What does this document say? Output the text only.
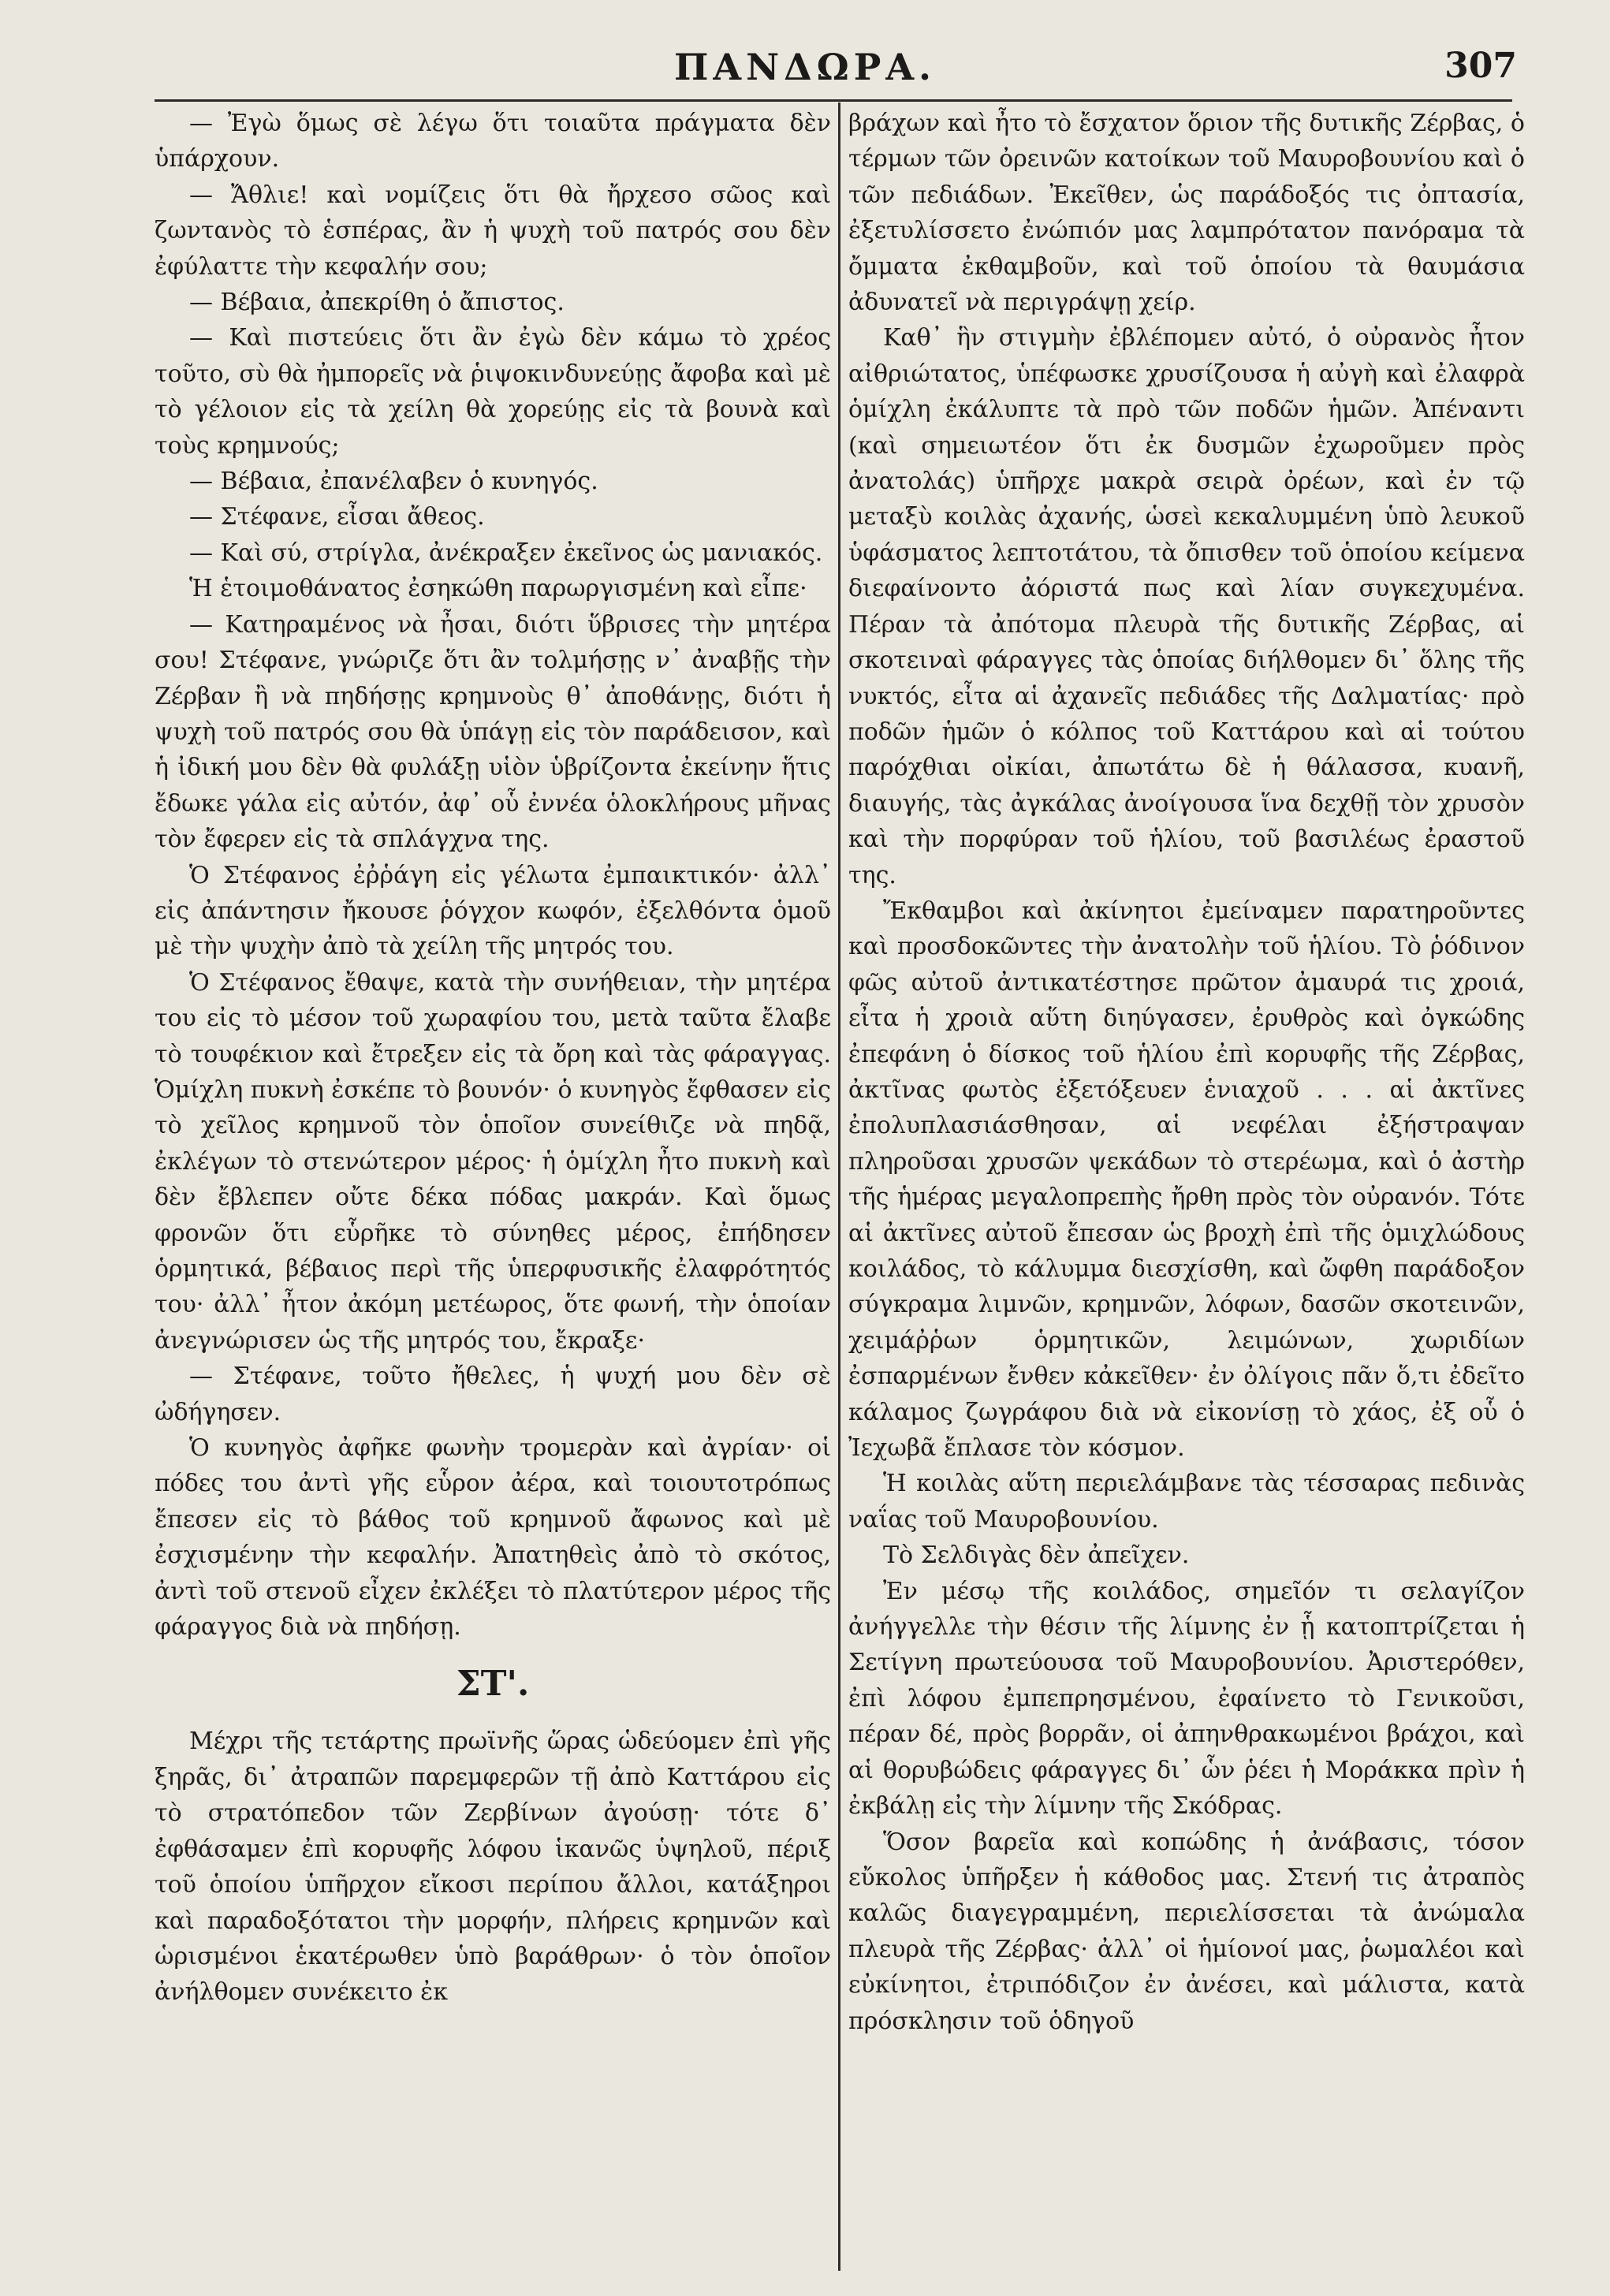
ΠΑΝΔΩΡΑ.	307

— Ἐγὼ ὅμως σὲ λέγω ὅτι τοιαῦτα πράγματα δὲν ὑπάρχουν.

— Ἄθλιε! καὶ νομίζεις ὅτι θὰ ἤρχεσο σῶος καὶ ζωντανὸς τὸ ἑσπέρας, ἂν ἡ ψυχὴ τοῦ πατρός σου δὲν ἐφύλαττε τὴν κεφαλήν σου;

— Βέβαια, ἀπεκρίθη ὁ ἄπιστος.

— Καὶ πιστεύεις ὅτι ἂν ἐγὼ δὲν κάμω τὸ χρέος τοῦτο, σὺ θὰ ἠμπορεῖς νὰ ῥιψοκινδυνεύῃς ἄφοβα καὶ μὲ τὸ γέλοιον εἰς τὰ χείλη θὰ χορεύῃς εἰς τὰ βουνὰ καὶ τοὺς κρημνούς;

— Βέβαια, ἐπανέλαβεν ὁ κυνηγός.

— Στέφανε, εἶσαι ἄθεος.

— Καὶ σύ, στρίγλα, ἀνέκραξεν ἐκεῖνος ὡς μανιακός.

Ἡ ἑτοιμοθάνατος ἐσηκώθη παρωργισμένη καὶ εἶπε·

— Κατηραμένος νὰ ἦσαι, διότι ὕβρισες τὴν μητέρα σου! Στέφανε, γνώριζε ὅτι ἂν τολμήσῃς ν᾽ ἀναβῇς τὴν Ζέρβαν ἢ νὰ πηδήσῃς κρημνοὺς θ᾽ ἀποθάνῃς, διότι ἡ ψυχὴ τοῦ πατρός σου θὰ ὑπάγῃ εἰς τὸν παράδεισον, καὶ ἡ ἰδική μου δὲν θὰ φυλάξῃ υἱὸν ὑβρίζοντα ἐκείνην ἥτις ἔδωκε γάλα εἰς αὐτόν, ἀφ᾽ οὗ ἐννέα ὁλοκλήρους μῆνας τὸν ἔφερεν εἰς τὰ σπλάγχνα της.

Ὁ Στέφανος ἐῤῥάγη εἰς γέλωτα ἐμπαικτικόν· ἀλλ᾽ εἰς ἀπάντησιν ἤκουσε ῥόγχον κωφόν, ἐξελθόντα ὁμοῦ μὲ τὴν ψυχὴν ἀπὸ τὰ χείλη τῆς μητρός του.

Ὁ Στέφανος ἔθαψε, κατὰ τὴν συνήθειαν, τὴν μητέρα του εἰς τὸ μέσον τοῦ χωραφίου του, μετὰ ταῦτα ἔλαβε τὸ τουφέκιον καὶ ἔτρεξεν εἰς τὰ ὄρη καὶ τὰς φάραγγας. Ὁμίχλη πυκνὴ ἐσκέπε τὸ βουνόν· ὁ κυνηγὸς ἔφθασεν εἰς τὸ χεῖλος κρημνοῦ τὸν ὁποῖον συνείθιζε νὰ πηδᾷ, ἐκλέγων τὸ στενώτερον μέρος· ἡ ὁμίχλη ἦτο πυκνὴ καὶ δὲν ἔβλεπεν οὔτε δέκα πόδας μακράν. Καὶ ὅμως φρονῶν ὅτι εὗρῆκε τὸ σύνηθες μέρος, ἐπήδησεν ὁρμητικά, βέβαιος περὶ τῆς ὑπερφυσικῆς ἐλαφρότητός του· ἀλλ᾽ ἦτον ἀκόμη μετέωρος, ὅτε φωνή, τὴν ὁποίαν ἀνεγνώρισεν ὡς τῆς μητρός του, ἔκραξε·

— Στέφανε, τοῦτο ἤθελες, ἡ ψυχή μου δὲν σὲ ὠδήγησεν.

Ὁ κυνηγὸς ἀφῆκε φωνὴν τρομερὰν καὶ ἀγρίαν· οἱ πόδες του ἀντὶ γῆς εὗρον ἀέρα, καὶ τοιουτοτρόπως ἔπεσεν εἰς τὸ βάθος τοῦ κρημνοῦ ἄφωνος καὶ μὲ ἐσχισμένην τὴν κεφαλήν. Ἀπατηθεὶς ἀπὸ τὸ σκότος, ἀντὶ τοῦ στενοῦ εἶχεν ἐκλέξει τὸ πλατύτερον μέρος τῆς φάραγγος διὰ νὰ πηδήσῃ.

ΣΤ'.

Μέχρι τῆς τετάρτης πρωϊνῆς ὥρας ὡδεύομεν ἐπὶ γῆς ξηρᾶς, δι᾽ ἀτραπῶν παρεμφερῶν τῇ ἀπὸ Καττάρου εἰς τὸ στρατόπεδον τῶν Ζερβίνων ἀγούσῃ· τότε δ᾽ ἐφθάσαμεν ἐπὶ κορυφῆς λόφου ἱκανῶς ὑψηλοῦ, πέριξ τοῦ ὁποίου ὑπῆρχον εἴκοσι περίπου ἄλλοι, κατάξηροι καὶ παραδοξότατοι τὴν μορφήν, πλήρεις κρημνῶν καὶ ὡρισμένοι ἑκατέρωθεν ὑπὸ βαράθρων· ὁ τὸν ὁποῖον ἀνήλθομεν συνέκειτο ἐκ

βράχων καὶ ἦτο τὸ ἔσχατον ὅριον τῆς δυτικῆς Ζέρβας, ὁ τέρμων τῶν ὀρεινῶν κατοίκων τοῦ Μαυροβουνίου καὶ ὁ τῶν πεδιάδων. Ἐκεῖθεν, ὡς παράδοξός τις ὀπτασία, ἐξετυλίσσετο ἐνώπιόν μας λαμπρότατον πανόραμα τὰ ὄμματα ἐκθαμβοῦν, καὶ τοῦ ὁποίου τὰ θαυμάσια ἀδυνατεῖ νὰ περιγράψῃ χείρ.

Καθ᾽ ἣν στιγμὴν ἐβλέπομεν αὐτό, ὁ οὐρανὸς ἦτον αἰθριώτατος, ὑπέφωσκε χρυσίζουσα ἡ αὐγὴ καὶ ἐλαφρὰ ὁμίχλη ἐκάλυπτε τὰ πρὸ τῶν ποδῶν ἡμῶν. Ἀπέναντι (καὶ σημειωτέον ὅτι ἐκ δυσμῶν ἐχωροῦμεν πρὸς ἀνατολάς) ὑπῆρχε μακρὰ σειρὰ ὀρέων, καὶ ἐν τῷ μεταξὺ κοιλὰς ἀχανής, ὡσεὶ κεκαλυμμένη ὑπὸ λευκοῦ ὑφάσματος λεπτοτάτου, τὰ ὄπισθεν τοῦ ὁποίου κείμενα διεφαίνοντο ἀόριστά πως καὶ λίαν συγκεχυμένα. Πέραν τὰ ἀπότομα πλευρὰ τῆς δυτικῆς Ζέρβας, αἱ σκοτειναὶ φάραγγες τὰς ὁποίας διήλθομεν δι᾽ ὅλης τῆς νυκτός, εἶτα αἱ ἀχανεῖς πεδιάδες τῆς Δαλματίας· πρὸ ποδῶν ἡμῶν ὁ κόλπος τοῦ Καττάρου καὶ αἱ τούτου παρόχθιαι οἰκίαι, ἀπωτάτω δὲ ἡ θάλασσα, κυανῆ, διαυγής, τὰς ἀγκάλας ἀνοίγουσα ἵνα δεχθῇ τὸν χρυσὸν καὶ τὴν πορφύραν τοῦ ἡλίου, τοῦ βασιλέως ἐραστοῦ της.

Ἔκθαμβοι καὶ ἀκίνητοι ἐμείναμεν παρατηροῦντες καὶ προσδοκῶντες τὴν ἀνατολὴν τοῦ ἡλίου. Τὸ ῥόδινον φῶς αὐτοῦ ἀντικατέστησε πρῶτον ἀμαυρά τις χροιά, εἶτα ἡ χροιὰ αὕτη διηύγασεν, ἐρυθρὸς καὶ ὀγκώδης ἐπεφάνη ὁ δίσκος τοῦ ἡλίου ἐπὶ κορυφῆς τῆς Ζέρβας, ἀκτῖνας φωτὸς ἐξετόξευεν ἑνιαχοῦ . . . αἱ ἀκτῖνες ἐπολυπλασιάσθησαν, αἱ νεφέλαι ἐξήστραψαν πληροῦσαι χρυσῶν ψεκάδων τὸ στερέωμα, καὶ ὁ ἀστὴρ τῆς ἡμέρας μεγαλοπρεπὴς ἤρθη πρὸς τὸν οὐρανόν. Τότε αἱ ἀκτῖνες αὐτοῦ ἔπεσαν ὡς βροχὴ ἐπὶ τῆς ὁμιχλώδους κοιλάδος, τὸ κάλυμμα διεσχίσθη, καὶ ὤφθη παράδοξον σύγκραμα λιμνῶν, κρημνῶν, λόφων, δασῶν σκοτεινῶν, χειμάῤῥων ὁρμητικῶν, λειμώνων, χωριδίων ἐσπαρμένων ἔνθεν κἀκεῖθεν· ἐν ὀλίγοις πᾶν ὅ,τι ἐδεῖτο κάλαμος ζωγράφου διὰ νὰ εἰκονίσῃ τὸ χάος, ἐξ οὗ ὁ Ἰεχωβᾶ ἔπλασε τὸν κόσμον.

Ἡ κοιλὰς αὕτη περιελάμβανε τὰς τέσσαρας πεδινὰς ναΐας τοῦ Μαυροβουνίου.

Τὸ Σελδιγὰς δὲν ἀπεῖχεν.

Ἐν μέσῳ τῆς κοιλάδος, σημεῖόν τι σελαγίζον ἀνήγγελλε τὴν θέσιν τῆς λίμνης ἐν ᾗ κατοπτρίζεται ἡ Σετίγνη πρωτεύουσα τοῦ Μαυροβουνίου. Ἀριστερόθεν, ἐπὶ λόφου ἐμπεπρησμένου, ἐφαίνετο τὸ Γενικοῦσι, πέραν δέ, πρὸς βορρᾶν, οἱ ἀπηνθρακωμένοι βράχοι, καὶ αἱ θορυβώδεις φάραγγες δι᾽ ὧν ῥέει ἡ Μοράκκα πρὶν ἡ ἐκβάλῃ εἰς τὴν λίμνην τῆς Σκόδρας.

Ὅσον βαρεῖα καὶ κοπώδης ἡ ἀνάβασις, τόσον εὔκολος ὑπῆρξεν ἡ κάθοδος μας. Στενή τις ἀτραπὸς καλῶς διαγεγραμμένη, περιελίσσεται τὰ ἀνώμαλα πλευρὰ τῆς Ζέρβας· ἀλλ᾽ οἱ ἡμίονοί μας, ῥωμαλέοι καὶ εὐκίνητοι, ἐτριπόδιζον ἐν ἀνέσει, καὶ μάλιστα, κατὰ πρόσκλησιν τοῦ ὁδηγοῦ
